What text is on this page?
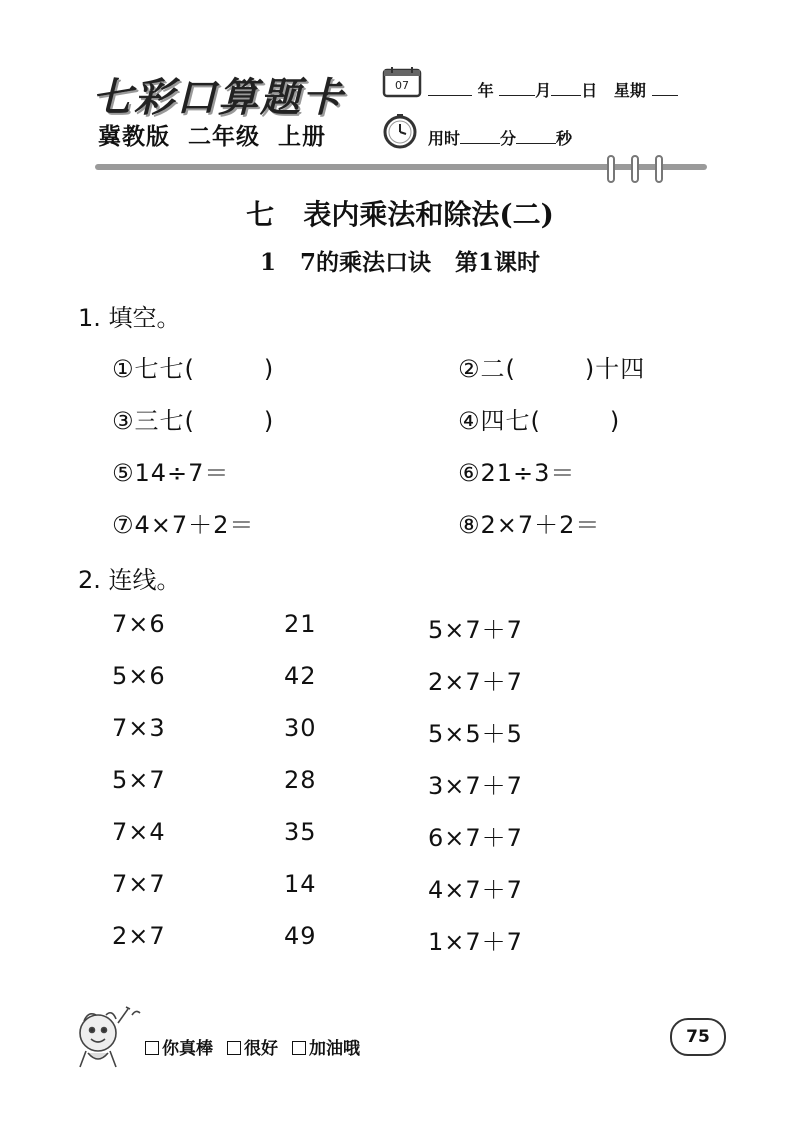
七彩口算题卡
冀教版  二年级  上册
07	年	月 日 星期
用时	分	秒
七   表内乘法和除法(二)
1   7的乘法口诀   第1课时
1. 填空。
①七七(        )	②二(        )十四
③三七(        )	④四七(        )
⑤14÷7＝	⑥21÷3＝
⑦4×7＋2＝	⑧2×7＋2＝
2. 连线。
7×6	21	5×7＋7
5×6	42	2×7＋7
7×3	30	5×5＋5
5×7	28	3×7＋7
7×4	35	6×7＋7
7×7	14	4×7＋7
2×7	49	1×7＋7
你真棒 很好 加油哦
75
